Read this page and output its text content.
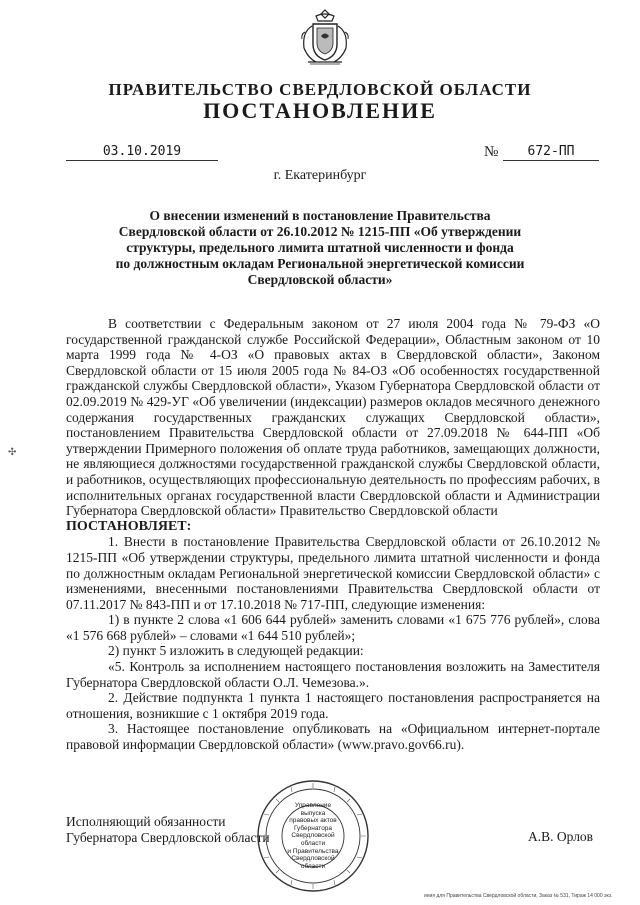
ПРАВИТЕЛЬСТВО СВЕРДЛОВСКОЙ ОБЛАСТИ
ПОСТАНОВЛЕНИЕ
03.10.2019	№	672-ПП
г. Екатеринбург
О внесении изменений в постановление Правительства
Свердловской области от 26.10.2012 № 1215-ПП «Об утверждении
структуры, предельного лимита штатной численности и фонда
по должностным окладам Региональной энергетической комиссии
Свердловской области»
✣

В соответствии с Федеральным законом от 27 июля 2004 года № 79-ФЗ «О государственной гражданской службе Российской Федерации», Областным законом от 10 марта 1999 года № 4-ОЗ «О правовых актах в Свердловской области», Законом Свердловской области от 15 июля 2005 года № 84-ОЗ «Об особенностях государственной гражданской службы Свердловской области», Указом Губернатора Свердловской области от 02.09.2019 № 429-УГ «Об увеличении (индексации) размеров окладов месячного денежного содержания государственных гражданских служащих Свердловской области», постановлением Правительства Свердловской области от 27.09.2018 № 644-ПП «Об утверждении Примерного положения об оплате труда работников, замещающих должности, не являющиеся должностями государственной гражданской службы Свердловской области, и работников, осуществляющих профессиональную деятельность по профессиям рабочих, в исполнительных органах государственной власти Свердловской области и Администрации Губернатора Свердловской области» Правительство Свердловской области

ПОСТАНОВЛЯЕТ:

1. Внести в постановление Правительства Свердловской области от 26.10.2012 № 1215-ПП «Об утверждении структуры, предельного лимита штатной численности и фонда по должностным окладам Региональной энергетической комиссии Свердловской области» с изменениями, внесенными постановлениями Правительства Свердловской области от 07.11.2017 № 843-ПП и от 17.10.2018 № 717-ПП, следующие изменения:

1) в пункте 2 слова «1 606 644 рублей» заменить словами «1 675 776 рублей», слова «1 576 668 рублей» – словами «1 644 510 рублей»;

2) пункт 5 изложить в следующей редакции:

«5. Контроль за исполнением настоящего постановления возложить на Заместителя Губернатора Свердловской области О.Л. Чемезова.».

2. Действие подпункта 1 пункта 1 настоящего постановления распространяется на отношения, возникшие с 1 октября 2019 года.

3. Настоящее постановление опубликовать на «Официальном интернет-портале правовой информации Свердловской области» (www.pravo.gov66.ru).

Исполняющий обязанности
Губернатора Свердловской области	А.В. Орлов
Управление
выпуска
правовых актов
Губернатора
Свердловской области
и Правительства
Свердловской
области
иния для Правительства Свердловской области, Заказ № 531, Тираж 14 000 экз.
